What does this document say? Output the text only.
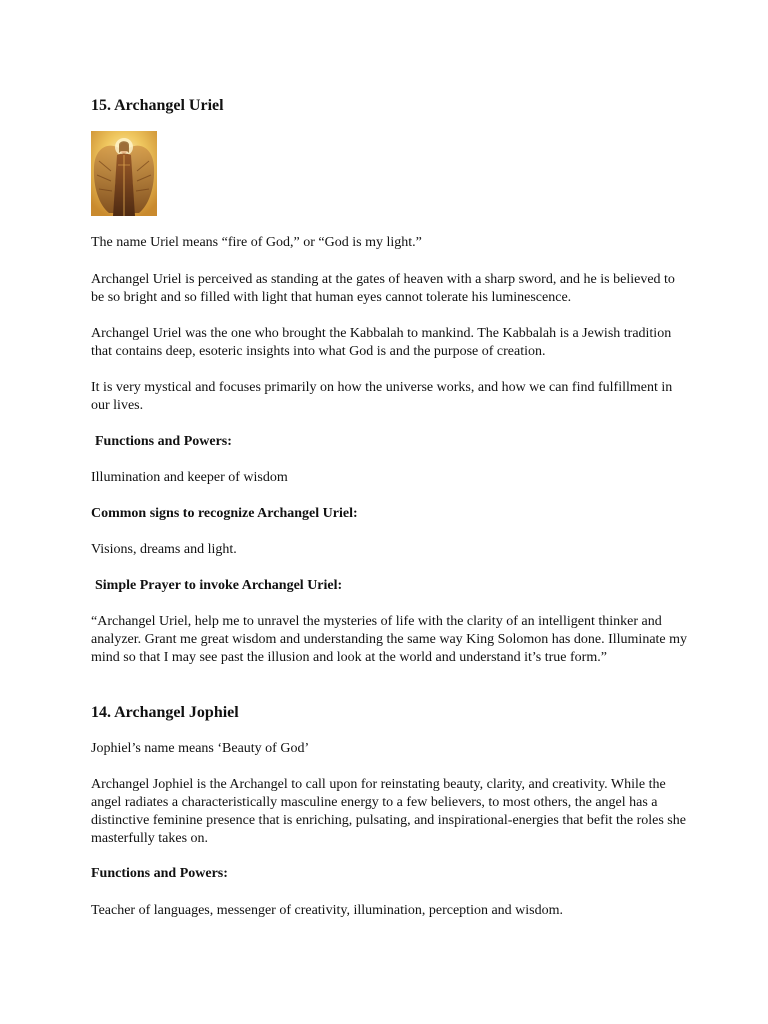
15. Archangel Uriel

The name Uriel means “fire of God,” or “God is my light.”

Archangel Uriel is perceived as standing at the gates of heaven with a sharp sword, and he is believed to be so bright and so filled with light that human eyes cannot tolerate his luminescence.

Archangel Uriel was the one who brought the Kabbalah to mankind. The Kabbalah is a Jewish tradition that contains deep, esoteric insights into what God is and the purpose of creation.

It is very mystical and focuses primarily on how the universe works, and how we can find fulfillment in our lives.

Functions and Powers:

Illumination and keeper of wisdom

Common signs to recognize Archangel Uriel:

Visions, dreams and light.

Simple Prayer to invoke Archangel Uriel:

“Archangel Uriel, help me to unravel the mysteries of life with the clarity of an intelligent thinker and analyzer. Grant me great wisdom and understanding the same way King Solomon has done. Illuminate my mind so that I may see past the illusion and look at the world and understand it’s true form.”

14. Archangel Jophiel

Jophiel’s name means ‘Beauty of God’

Archangel Jophiel is the Archangel to call upon for reinstating beauty, clarity, and creativity. While the angel radiates a characteristically masculine energy to a few believers, to most others, the angel has a distinctive feminine presence that is enriching, pulsating, and inspirational-energies that befit the roles she masterfully takes on.

Functions and Powers:

Teacher of languages, messenger of creativity, illumination, perception and wisdom.
